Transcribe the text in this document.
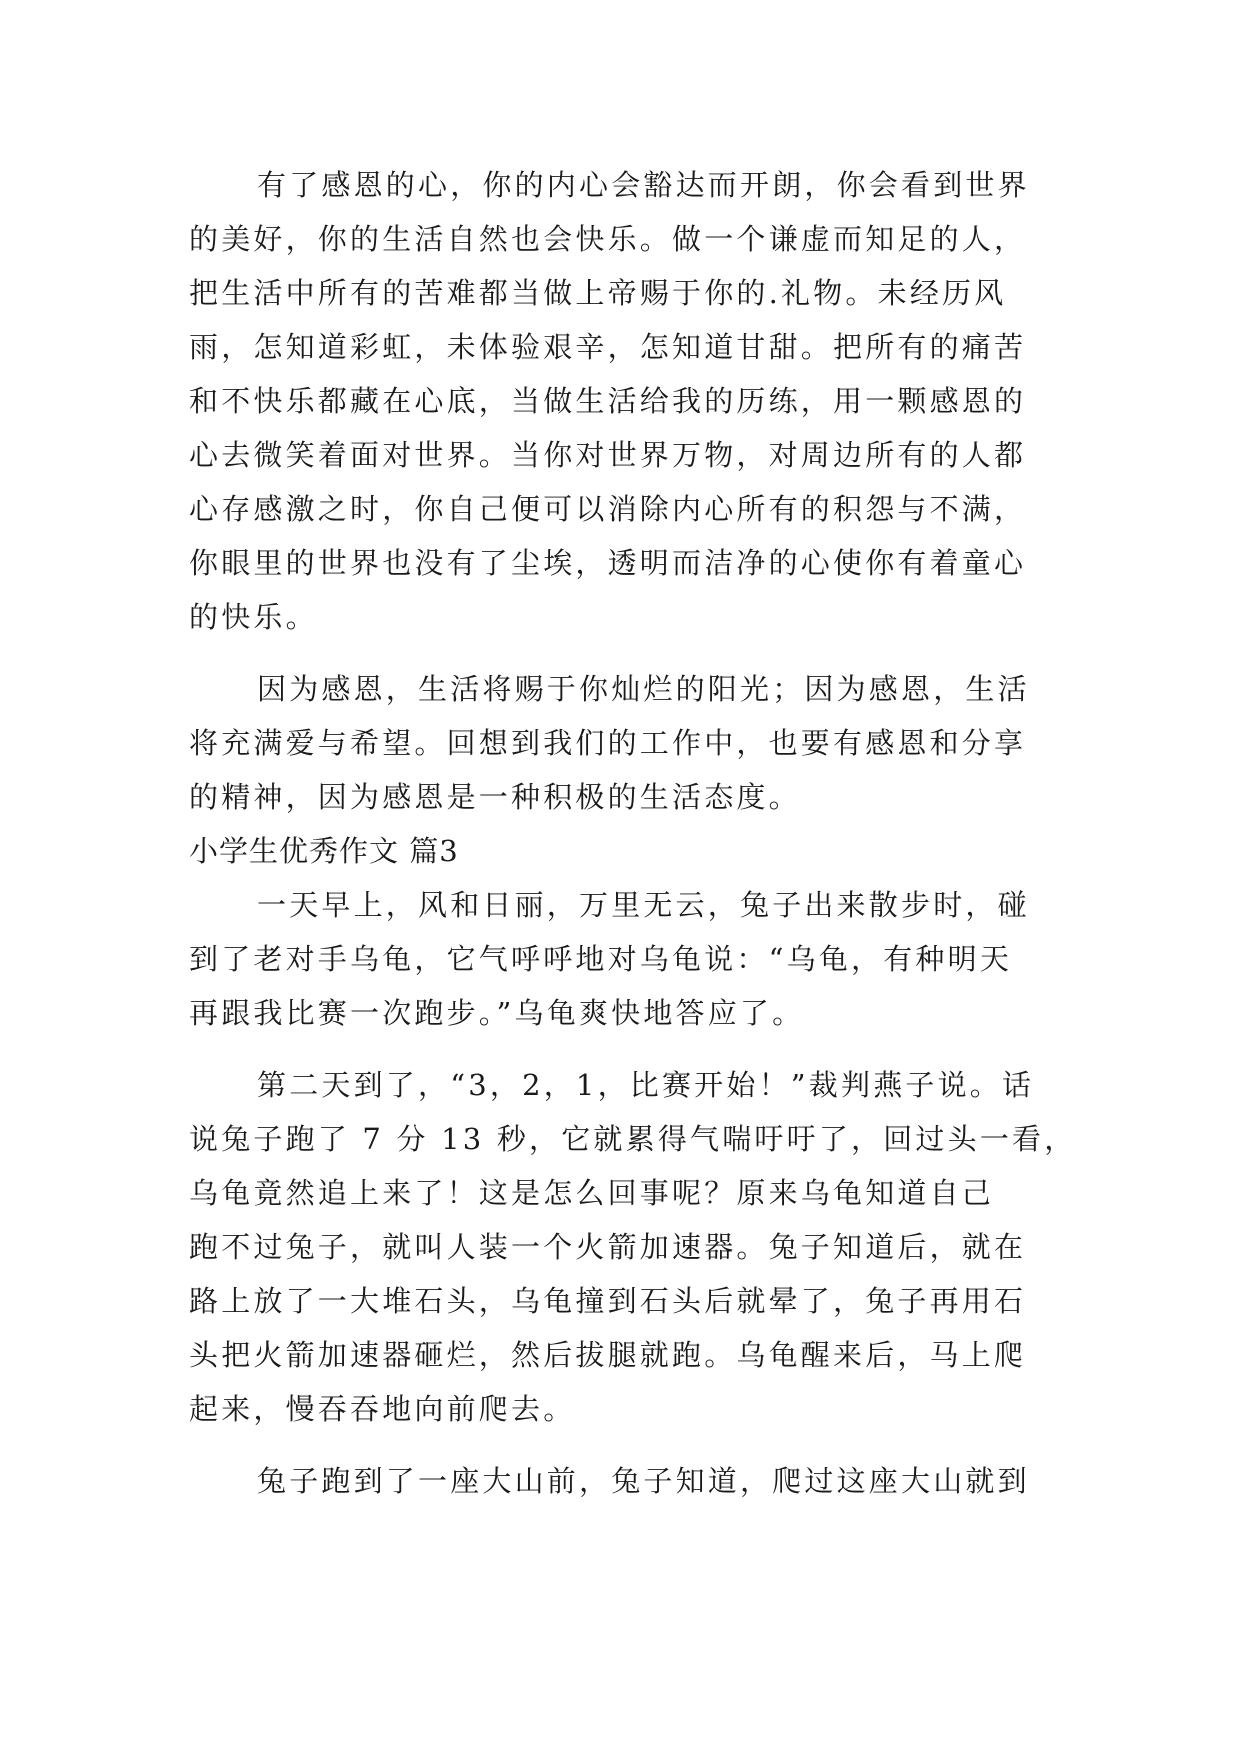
有了感恩的心，你的内心会豁达而开朗，你会看到世界
的美好，你的生活自然也会快乐。做一个谦虚而知足的人，
把生活中所有的苦难都当做上帝赐于你的.礼物。未经历风
雨，怎知道彩虹，未体验艰辛，怎知道甘甜。把所有的痛苦
和不快乐都藏在心底，当做生活给我的历练，用一颗感恩的
心去微笑着面对世界。当你对世界万物，对周边所有的人都
心存感激之时，你自己便可以消除内心所有的积怨与不满，
你眼里的世界也没有了尘埃，透明而洁净的心使你有着童心
的快乐。
因为感恩，生活将赐于你灿烂的阳光；因为感恩，生活
将充满爱与希望。回想到我们的工作中，也要有感恩和分享
的精神，因为感恩是一种积极的生活态度。
小学生优秀作文 篇3
一天早上，风和日丽，万里无云，兔子出来散步时，碰
到了老对手乌龟，它气呼呼地对乌龟说：“乌龟，有种明天
再跟我比赛一次跑步。”乌龟爽快地答应了。
第二天到了，“3，2，1，比赛开始！”裁判燕子说。话
说兔子跑了 7 分 13 秒，它就累得气喘吁吁了，回过头一看，
乌龟竟然追上来了！这是怎么回事呢？原来乌龟知道自己
跑不过兔子，就叫人装一个火箭加速器。兔子知道后，就在
路上放了一大堆石头，乌龟撞到石头后就晕了，兔子再用石
头把火箭加速器砸烂，然后拔腿就跑。乌龟醒来后，马上爬
起来，慢吞吞地向前爬去。
兔子跑到了一座大山前，兔子知道，爬过这座大山就到
